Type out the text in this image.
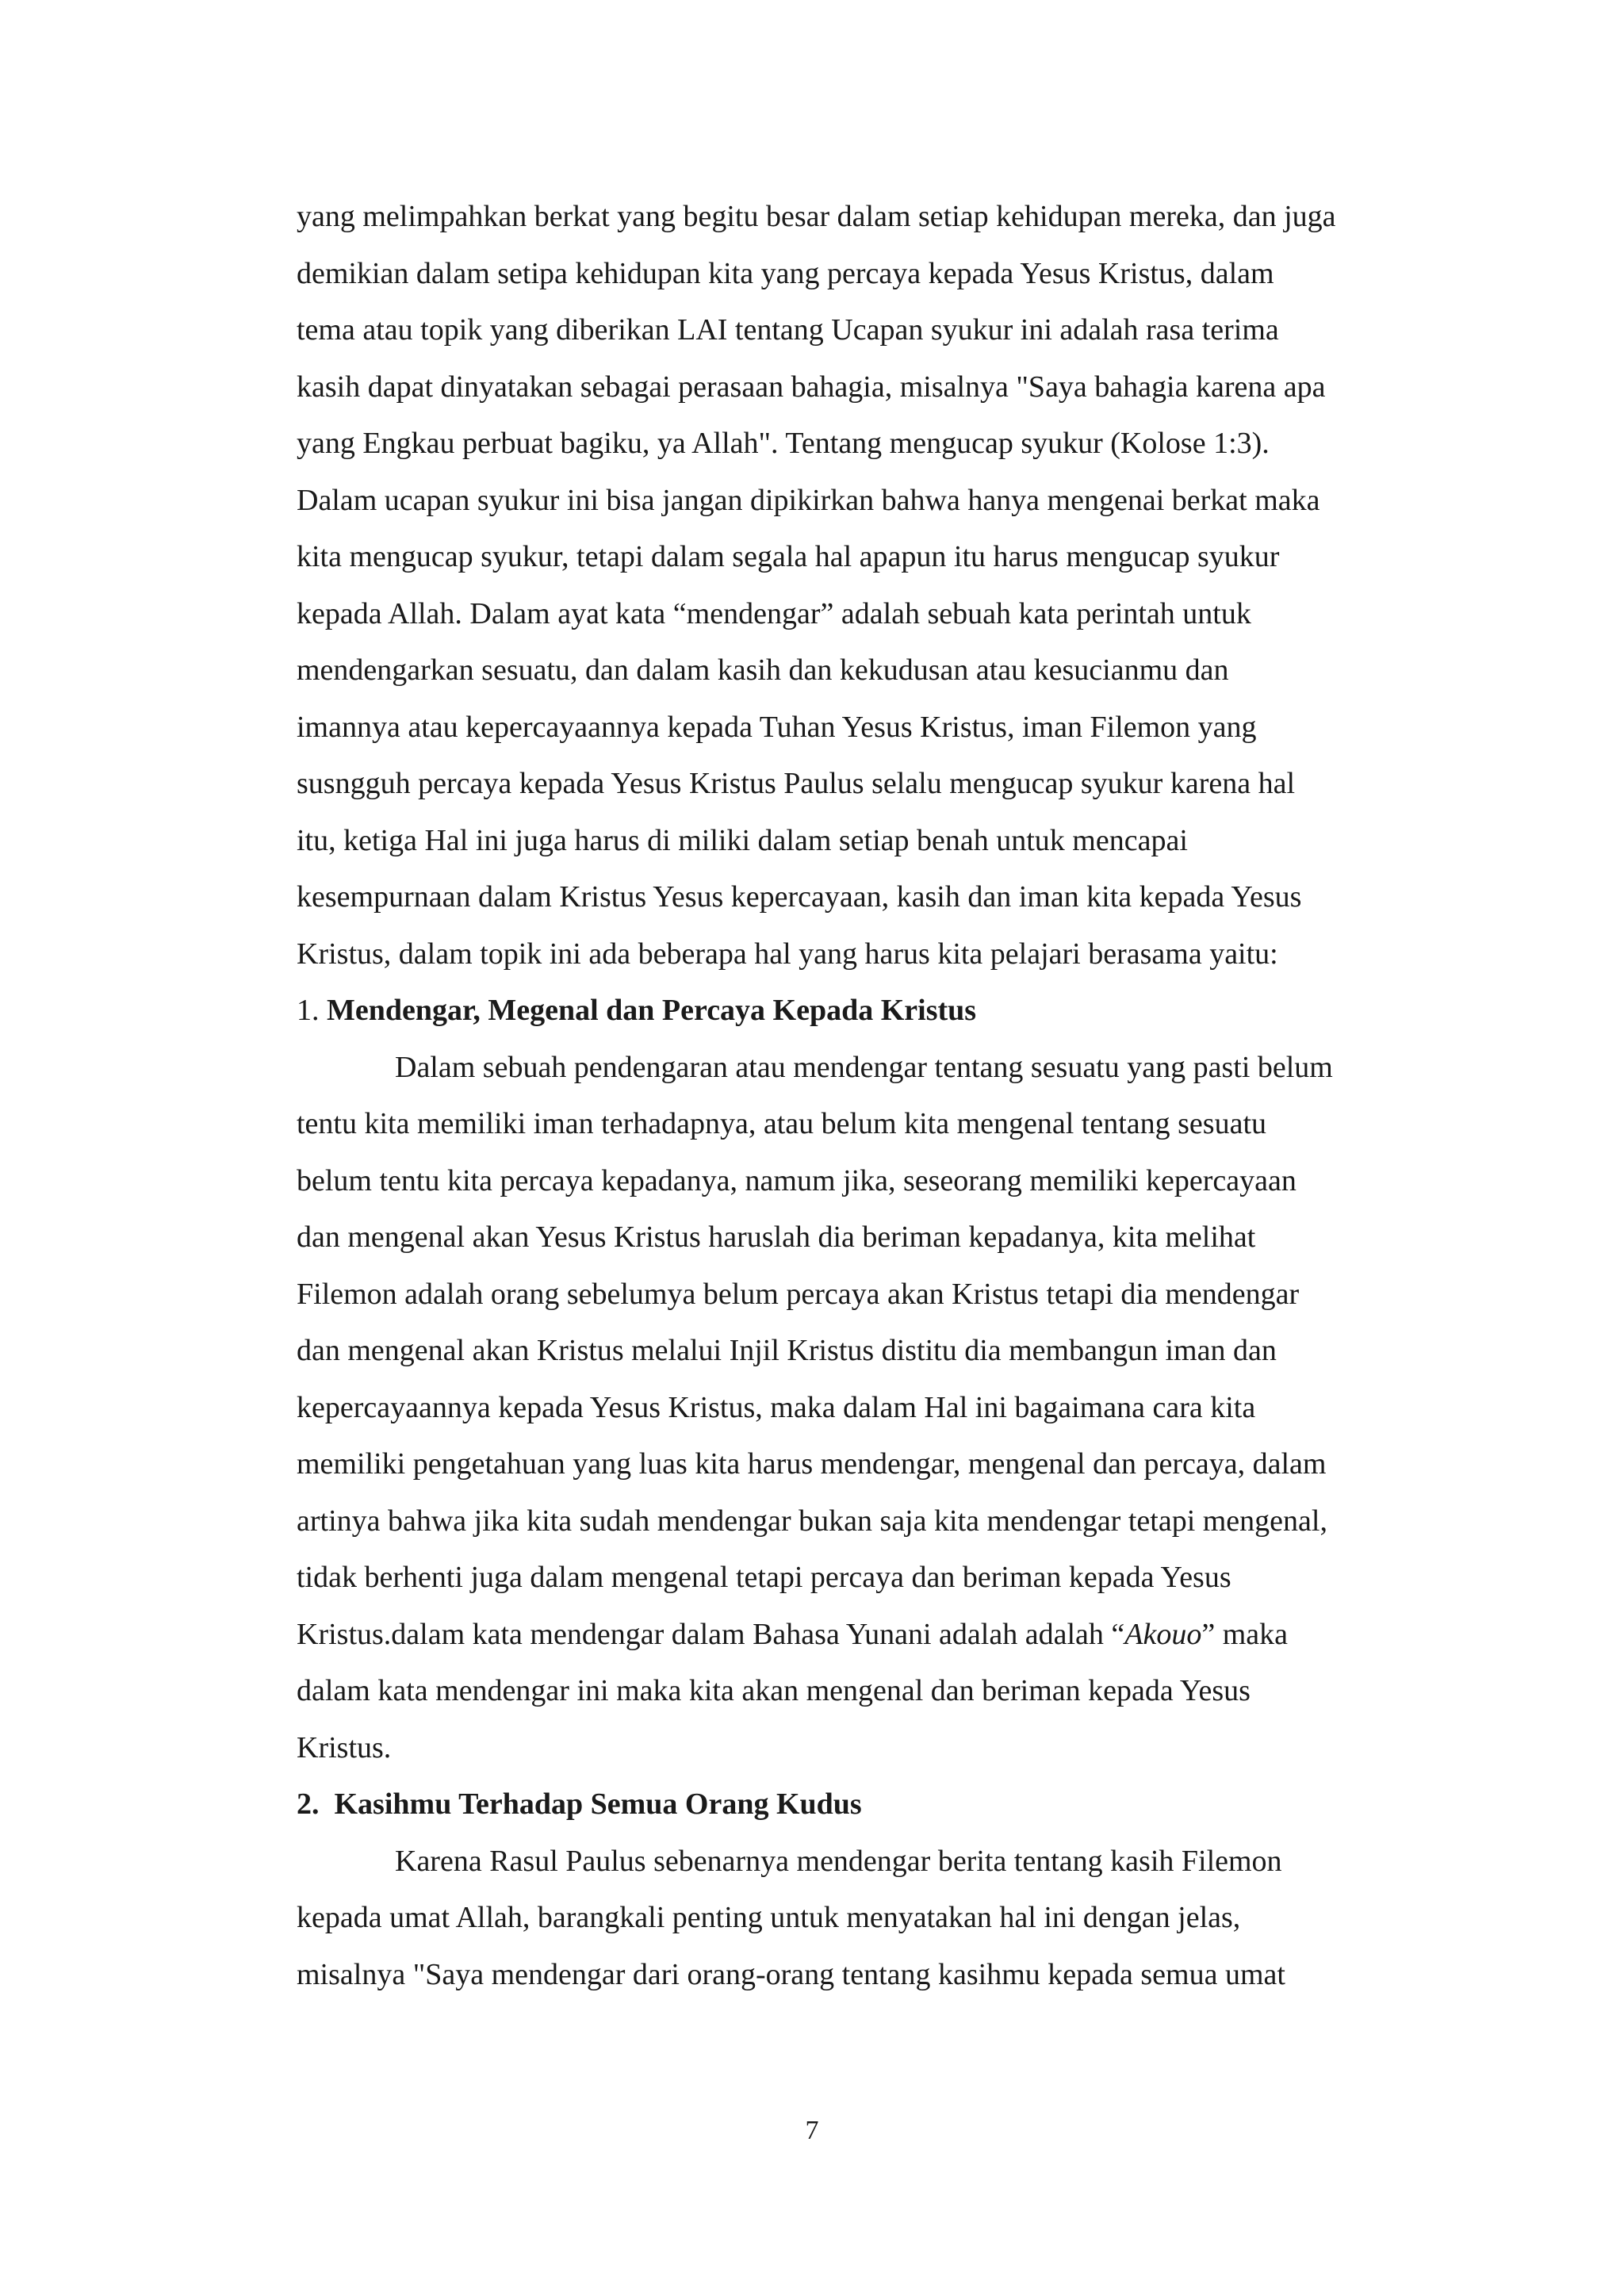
yang melimpahkan berkat yang begitu besar dalam setiap kehidupan mereka, dan juga
demikian dalam setipa kehidupan kita yang percaya kepada Yesus Kristus, dalam
tema atau topik yang diberikan LAI tentang Ucapan syukur ini adalah rasa terima
kasih dapat dinyatakan sebagai perasaan bahagia, misalnya "Saya bahagia karena apa
yang Engkau perbuat bagiku, ya Allah". Tentang mengucap syukur (Kolose 1:3).
Dalam ucapan syukur ini bisa jangan dipikirkan bahwa hanya mengenai berkat maka
kita mengucap syukur, tetapi dalam segala hal apapun itu harus mengucap syukur
kepada Allah. Dalam ayat kata “mendengar” adalah sebuah kata perintah untuk
mendengarkan sesuatu, dan dalam kasih dan kekudusan atau kesucianmu dan
imannya atau kepercayaannya kepada Tuhan Yesus Kristus, iman Filemon yang
susngguh percaya kepada Yesus Kristus Paulus selalu mengucap syukur karena hal
itu, ketiga Hal ini juga harus di miliki dalam setiap benah untuk mencapai
kesempurnaan dalam Kristus Yesus kepercayaan, kasih dan iman kita kepada Yesus
Kristus, dalam topik ini ada beberapa hal yang harus kita pelajari berasama yaitu:
1. Mendengar, Megenal dan Percaya Kepada Kristus
Dalam sebuah pendengaran atau mendengar tentang sesuatu yang pasti belum
tentu kita memiliki iman terhadapnya, atau belum kita mengenal tentang sesuatu
belum tentu kita percaya kepadanya, namum jika, seseorang memiliki kepercayaan
dan mengenal akan Yesus Kristus haruslah dia beriman kepadanya, kita melihat
Filemon adalah orang sebelumya belum percaya akan Kristus tetapi dia mendengar
dan mengenal akan Kristus melalui Injil Kristus distitu dia membangun iman dan
kepercayaannya kepada Yesus Kristus, maka dalam Hal ini bagaimana cara kita
memiliki pengetahuan yang luas kita harus mendengar, mengenal dan percaya, dalam
artinya bahwa jika kita sudah mendengar bukan saja kita mendengar tetapi mengenal,
tidak berhenti juga dalam mengenal tetapi percaya dan beriman kepada Yesus
Kristus.dalam kata mendengar dalam Bahasa Yunani adalah adalah “Akouo” maka
dalam kata mendengar ini maka kita akan mengenal dan beriman kepada Yesus
Kristus.
2. Kasihmu Terhadap Semua Orang Kudus
Karena Rasul Paulus sebenarnya mendengar berita tentang kasih Filemon
kepada umat Allah, barangkali penting untuk menyatakan hal ini dengan jelas,
misalnya "Saya mendengar dari orang-orang tentang kasihmu kepada semua umat
7
